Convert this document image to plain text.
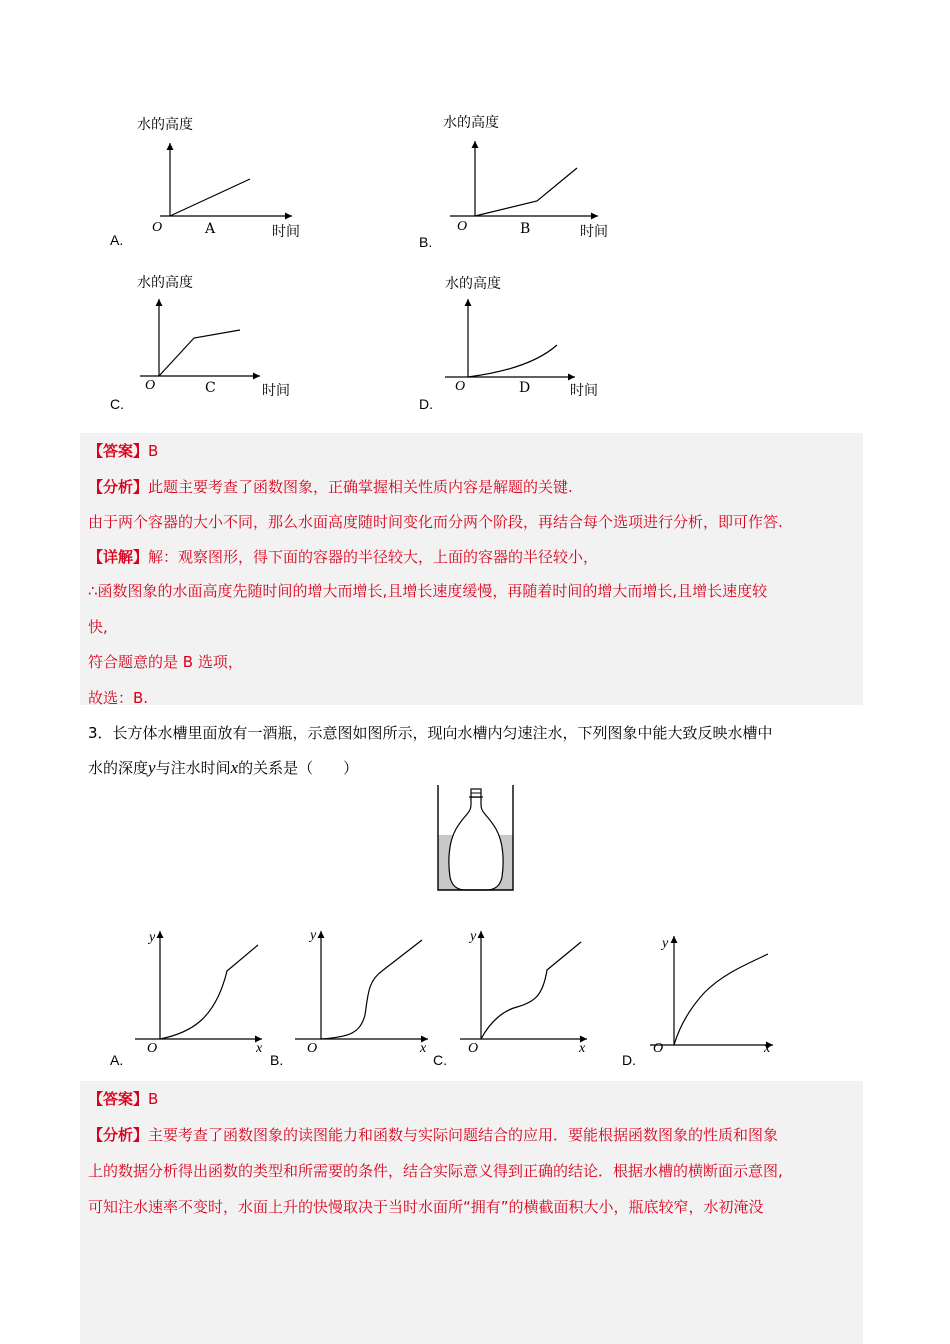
水的高度
O	A	时间
A.
水的高度
O	B	时间
B.
水的高度
O	C	时间
C.
水的高度
O	D	时间
D.
【答案】B
【分析】此题主要考查了函数图象，正确掌握相关性质内容是解题的关键.
由于两个容器的大小不同，那么水面高度随时间变化而分两个阶段，再结合每个选项进行分析，即可作答.
【详解】解：观察图形，得下面的容器的半径较大，上面的容器的半径较小，
∴函数图象的水面高度先随时间的增大而增长,且增长速度缓慢，再随着时间的增大而增长,且增长速度较
快,
符合题意的是 B 选项，
故选：B.
3．长方体水槽里面放有一酒瓶，示意图如图所示，现向水槽内匀速注水，下列图象中能大致反映水槽中
水的深度y与注水时间x的关系是（　　）
y
O	x
A.
y
O	x
B.
y
O	x
C.
y
O	x
D.
【答案】B
【分析】主要考查了函数图象的读图能力和函数与实际问题结合的应用．要能根据函数图象的性质和图象
上的数据分析得出函数的类型和所需要的条件，结合实际意义得到正确的结论．根据水槽的横断面示意图,
可知注水速率不变时，水面上升的快慢取决于当时水面所“拥有”的横截面积大小，瓶底较窄，水初淹没
